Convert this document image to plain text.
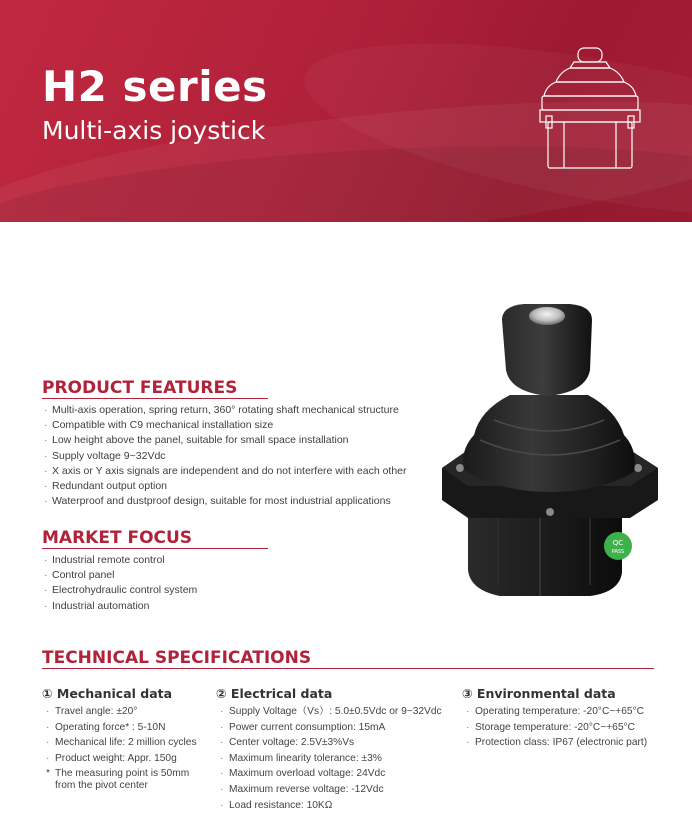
H2 series
Multi-axis joystick
QC
PASS
PRODUCT FEATURES
· Multi-axis operation, spring return, 360° rotating shaft mechanical structure
· Compatible with C9 mechanical installation size
· Low height above the panel, suitable for small space installation
· Supply voltage 9~32Vdc
· X axis or Y axis signals are independent and do not interfere with each other
· Redundant output option
· Waterproof and dustproof design, suitable for most industrial applications
MARKET FOCUS
· Industrial remote control
· Control panel
· Electrohydraulic control system
· Industrial automation
TECHNICAL SPECIFICATIONS
① Mechanical data
· Travel angle: ±20°
· Operating force* : 5-10N
· Mechanical life: 2 million cycles
· Product weight: Appr. 150g
* The measuring point is 50mm from the pivot center
② Electrical data
· Supply Voltage（Vs）: 5.0±0.5Vdc or 9~32Vdc
· Power current consumption: 15mA
· Center voltage: 2.5V±3%Vs
· Maximum linearity tolerance: ±3%
· Maximum overload voltage: 24Vdc
· Maximum reverse voltage: -12Vdc
· Load resistance: 10KΩ
③ Environmental data
· Operating temperature: -20°C~+65°C
· Storage temperature: -20°C~+65°C
· Protection class: IP67 (electronic part)
